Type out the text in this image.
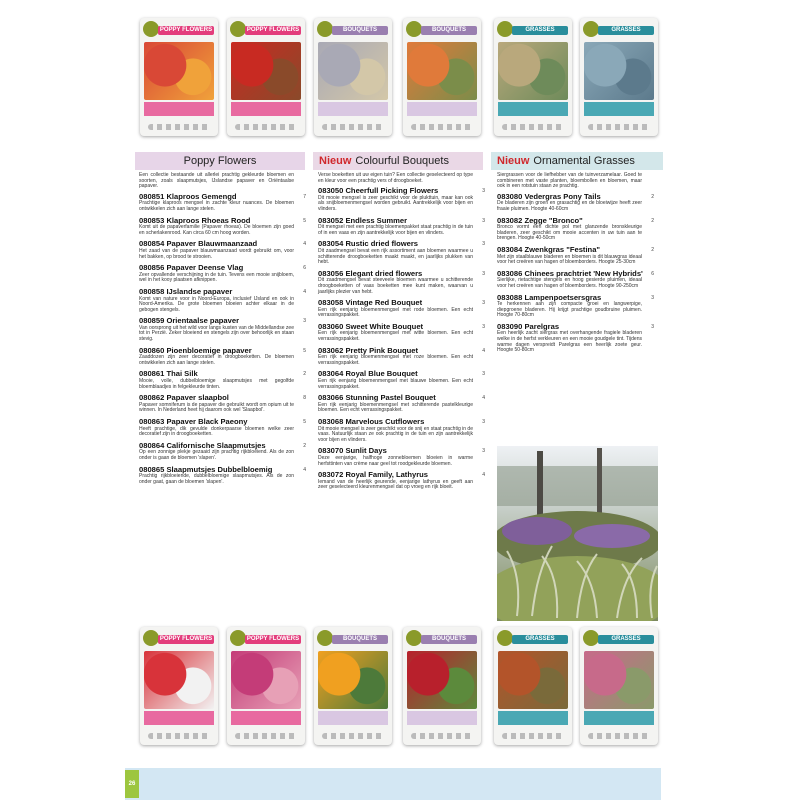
POPPY FLOWERS	POPPY FLOWERS	BOUQUETS	BOUQUETS	GRASSES	GRASSES
Poppy Flowers	Nieuw Colourful Bouquets	Nieuw Ornamental Grasses

Een collectie bestaande uit allerlei prachtig gekleurde bloemen en soorten, zoals slaapmutsjes, IJslandse papaver en Oriëntaalse papaver.

080851 Klaproos Gemengd	7
Prachtige klaproos mengsel in zachte kleur nuances. De bloemen ontwikkelen zich aan lange stelen.
080853 Klaproos Rhoeas Rood	5
Komt uit de papaverfamilie (Papaver rhoeas). De bloemen zijn goed en scherlakenrood. Kan circa 60 cm hoog worden.
080854 Papaver Blauwmaanzaad	4
Het zaad van de papaver blauwmaanzaad wordt gebruikt om, voor het bakken, op brood te strooien.
080856 Papaver Deense Vlag	6
Zeer opvallende verschijning in de tuin. Tevens een mooie snijbloem, wel in het kooy plaatsen afknippen.
080858 IJslandse papaver	4
Komt van nature voor in Noord-Europa, inclusief IJsland en ook in Noord-Amerika. De grote bloemen bloeien achter elkaar in de gebogen stengels.
080859 Orientaalse papaver	3
Van oorsprong uit het wild voor langs kusten van de Middellandse zee tot in Perzië. Zeker bloeiend en stengels zijn over behoorlijk en staan stevig.
080860 Pioenbloemige papaver	5
Zaaddozen zijn zeer decoratief in droogboeketten. De bloemen ontwikkelen zich aan lange stelen.
080861 Thai Silk	2
Mooie, volle, dubbelbloemige slaapmutsjes met gegolfde bloemblaadjes in felgekleurde tinten.
080862 Papaver slaapbol	8
Papaver somniferum is de papaver die gebruikt wordt om opium uit te winnen. In Nederland heet hij daarom ook wel 'Slaapbol'.
080863 Papaver Black Paeony	5
Heeft prachtige, dik gevulde donkerpaarse bloemen welke zeer decoratief zijn in droogboeketten.
080864 Californische Slaapmutsjes	2
Op een zonnige plekje gezaaid zijn prachtig rijkbloeiend. Als de zon onder is gaan de bloemen 'slapen'.
080865 Slaapmutsjes Dubbelbloemig	4
Prachtig rijkbloeiende, dubbelbloemige slaapmutsjes. Als de zon onder gaat, gaan de bloemen 'slapen'.

Verse boeketten uit uw eigen tuin? Een collectie geselecteerd op type en kleur voor een prachtig vers of droogboeket.

083050 Cheerfull Picking Flowers	3
Dit mooie mengsel is zeer geschikt voor de plukttuin, maar kan ook als snijbloemenmengsel worden gebruikt. Aantrekkelijk voor bijen en vlinders.
083052 Endless Summer	3
Dit mengsel met een prachtig bloemenpakket staat prachtig in de tuin of in een vaas en zijn aantrekkelijk voor bijen en vlinders.
083054 Rustic dried flowers	3
Dit zaadmengsel bevat een rijk assortiment aan bloemen waarmee u schitterende droogboeketten maakt maakt, en jaarlijks plukken van hebt.
083056 Elegant dried flowers	3
Dit zaadmengsel bevat steeveele bloemen waarmee u schitterende droogboeketten of vaas boeketten mee kunt maken, waarvan u jaarlijks plezier van hebt.
083058 Vintage Red Bouquet	3
Een rijk eenjarig bloemenmengsel met rode bloemen. Een echt verrassingspakket.
083060 Sweet White Bouquet	3
Een rijk eenjarig bloemenmengsel met witte bloemen. Een echt verrassingspakket.
083062 Pretty Pink Bouquet	4
Een rijk eenjarig bloemenmengsel met roze bloemen. Een echt verrassingspakket.
083064 Royal Blue Bouquet	3
Een rijk eenjarig bloemenmengsel met blauwe bloemen. Een echt verrassingspakket.
083066 Stunning Pastel Bouquet	4
Een rijk eenjarig bloemenmengsel met schitterende pastelkleurige bloemen. Een echt verrassingspakket.
083068 Marvelous Cutflowers	3
Dit mooie mengsel is zeer geschikt voor de snij en staat prachtig in de vaas. Natuurlijk staan ze ook prachtig in de tuin en zijn aantrekkelijk voor bijen en vlinders.
083070 Sunlit Days	3
Deze eenjarige, halfhoge zonnebloemen bloeien in warme herfsttinten van crème naar geel tot roodgekleurde bloemen.
083072 Royal Family, Lathyrus	4
Iemand van de heerlijk geurende, eenjarige lathyrus en geeft aan zeer geselecteerd kleurenmengsel dat op vroeg en rijk bloeit.

Siergrassen voor de liefhebber van de tuinverzamelaar. Goed te combineren met vaste planten, bloembollen en bloemen, maar ook in een rotstuin staan ze prachtig.

083080 Vedergras Pony Tails	2
De bladeren zijn groen en grasachtig en de bloeiwijze heeft zeer fraaie pluimen. Hoogte 40-60cm
083082 Zegge "Bronco"	2
Bronco vormt een dichte pol met glanzende bronskleurige bladeren, zeer geschikt om mooie accenten in uw tuin aan te brengen. Hoogte 40-50cm
083084 Zwenkgras "Festina"	2
Met zijn staalblauwe bladeren en bloemen is dit blauwgras ideaal voor het creëren van hagen of bloemborders. Hoogte 25-30cm
083086 Chinees prachtriet 'New Hybrids' 6
Sierlijke, rietachtige stengels en hoog gesierde pluimen, ideaal voor het creëren van hagen of bloemborders. Hoogte 90-250cm
083088 Lampenpoetsersgras	3
Te herkennen aan zijn compacte groei en langwerpige, diepgroene bladeren. Hij krijgt prachtige goudbruine pluimen. Hoogte 70-80cm
083090 Parelgras	3
Een heerlijk zacht siergras met overhangende fragiele bladeren welke in de herfst verkleuren en een mooie goudgele tint. Tijdens warme dagen verspreidt Parelgras een heerlijk zoete geur. Hoogte 50-80cm
POPPY FLOWERS	POPPY FLOWERS	BOUQUETS	BOUQUETS	GRASSES	GRASSES
26
